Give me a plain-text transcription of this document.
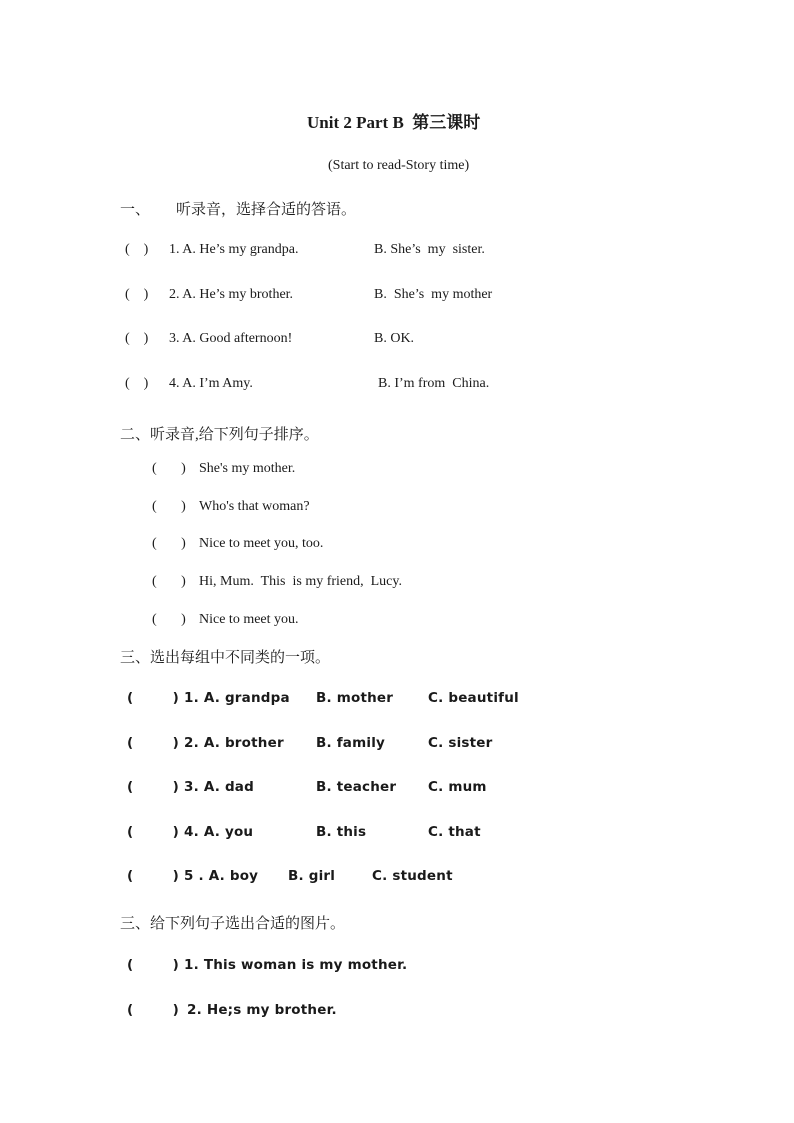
Unit 2 Part B  第三课时
(Start to read-Story time)
一、 听录音，选择合适的答语。
(    ) 1. A. He’s my grandpa.	B. She’s  my  sister.
(    ) 2. A. He’s my brother.	B.  She’s  my mother
(    ) 3. A. Good afternoon!	B. OK.
(    ) 4. A. I’m Amy.	B. I’m from  China.
二、听录音,给下列句子排序。
(       ) She's my mother.
(       ) Who's that woman?
(       ) Nice to meet you, too.
(       ) Hi, Mum.  This  is my friend,  Lucy.
(       ) Nice to meet you.
三、选出每组中不同类的一项。
(        ) 1. A. grandpa B. mother	C. beautiful
(        ) 2. A. brother B. family	C. sister
(        ) 3. A. dad	B. teacher C. mum
(        ) 4. A. you	B. this	C. that
(        ) 5 . A. boy B. girl	C. student
三、给下列句子选出合适的图片。
(        ) 1. This woman is my mother.
(        ) 2. He;s my brother.
